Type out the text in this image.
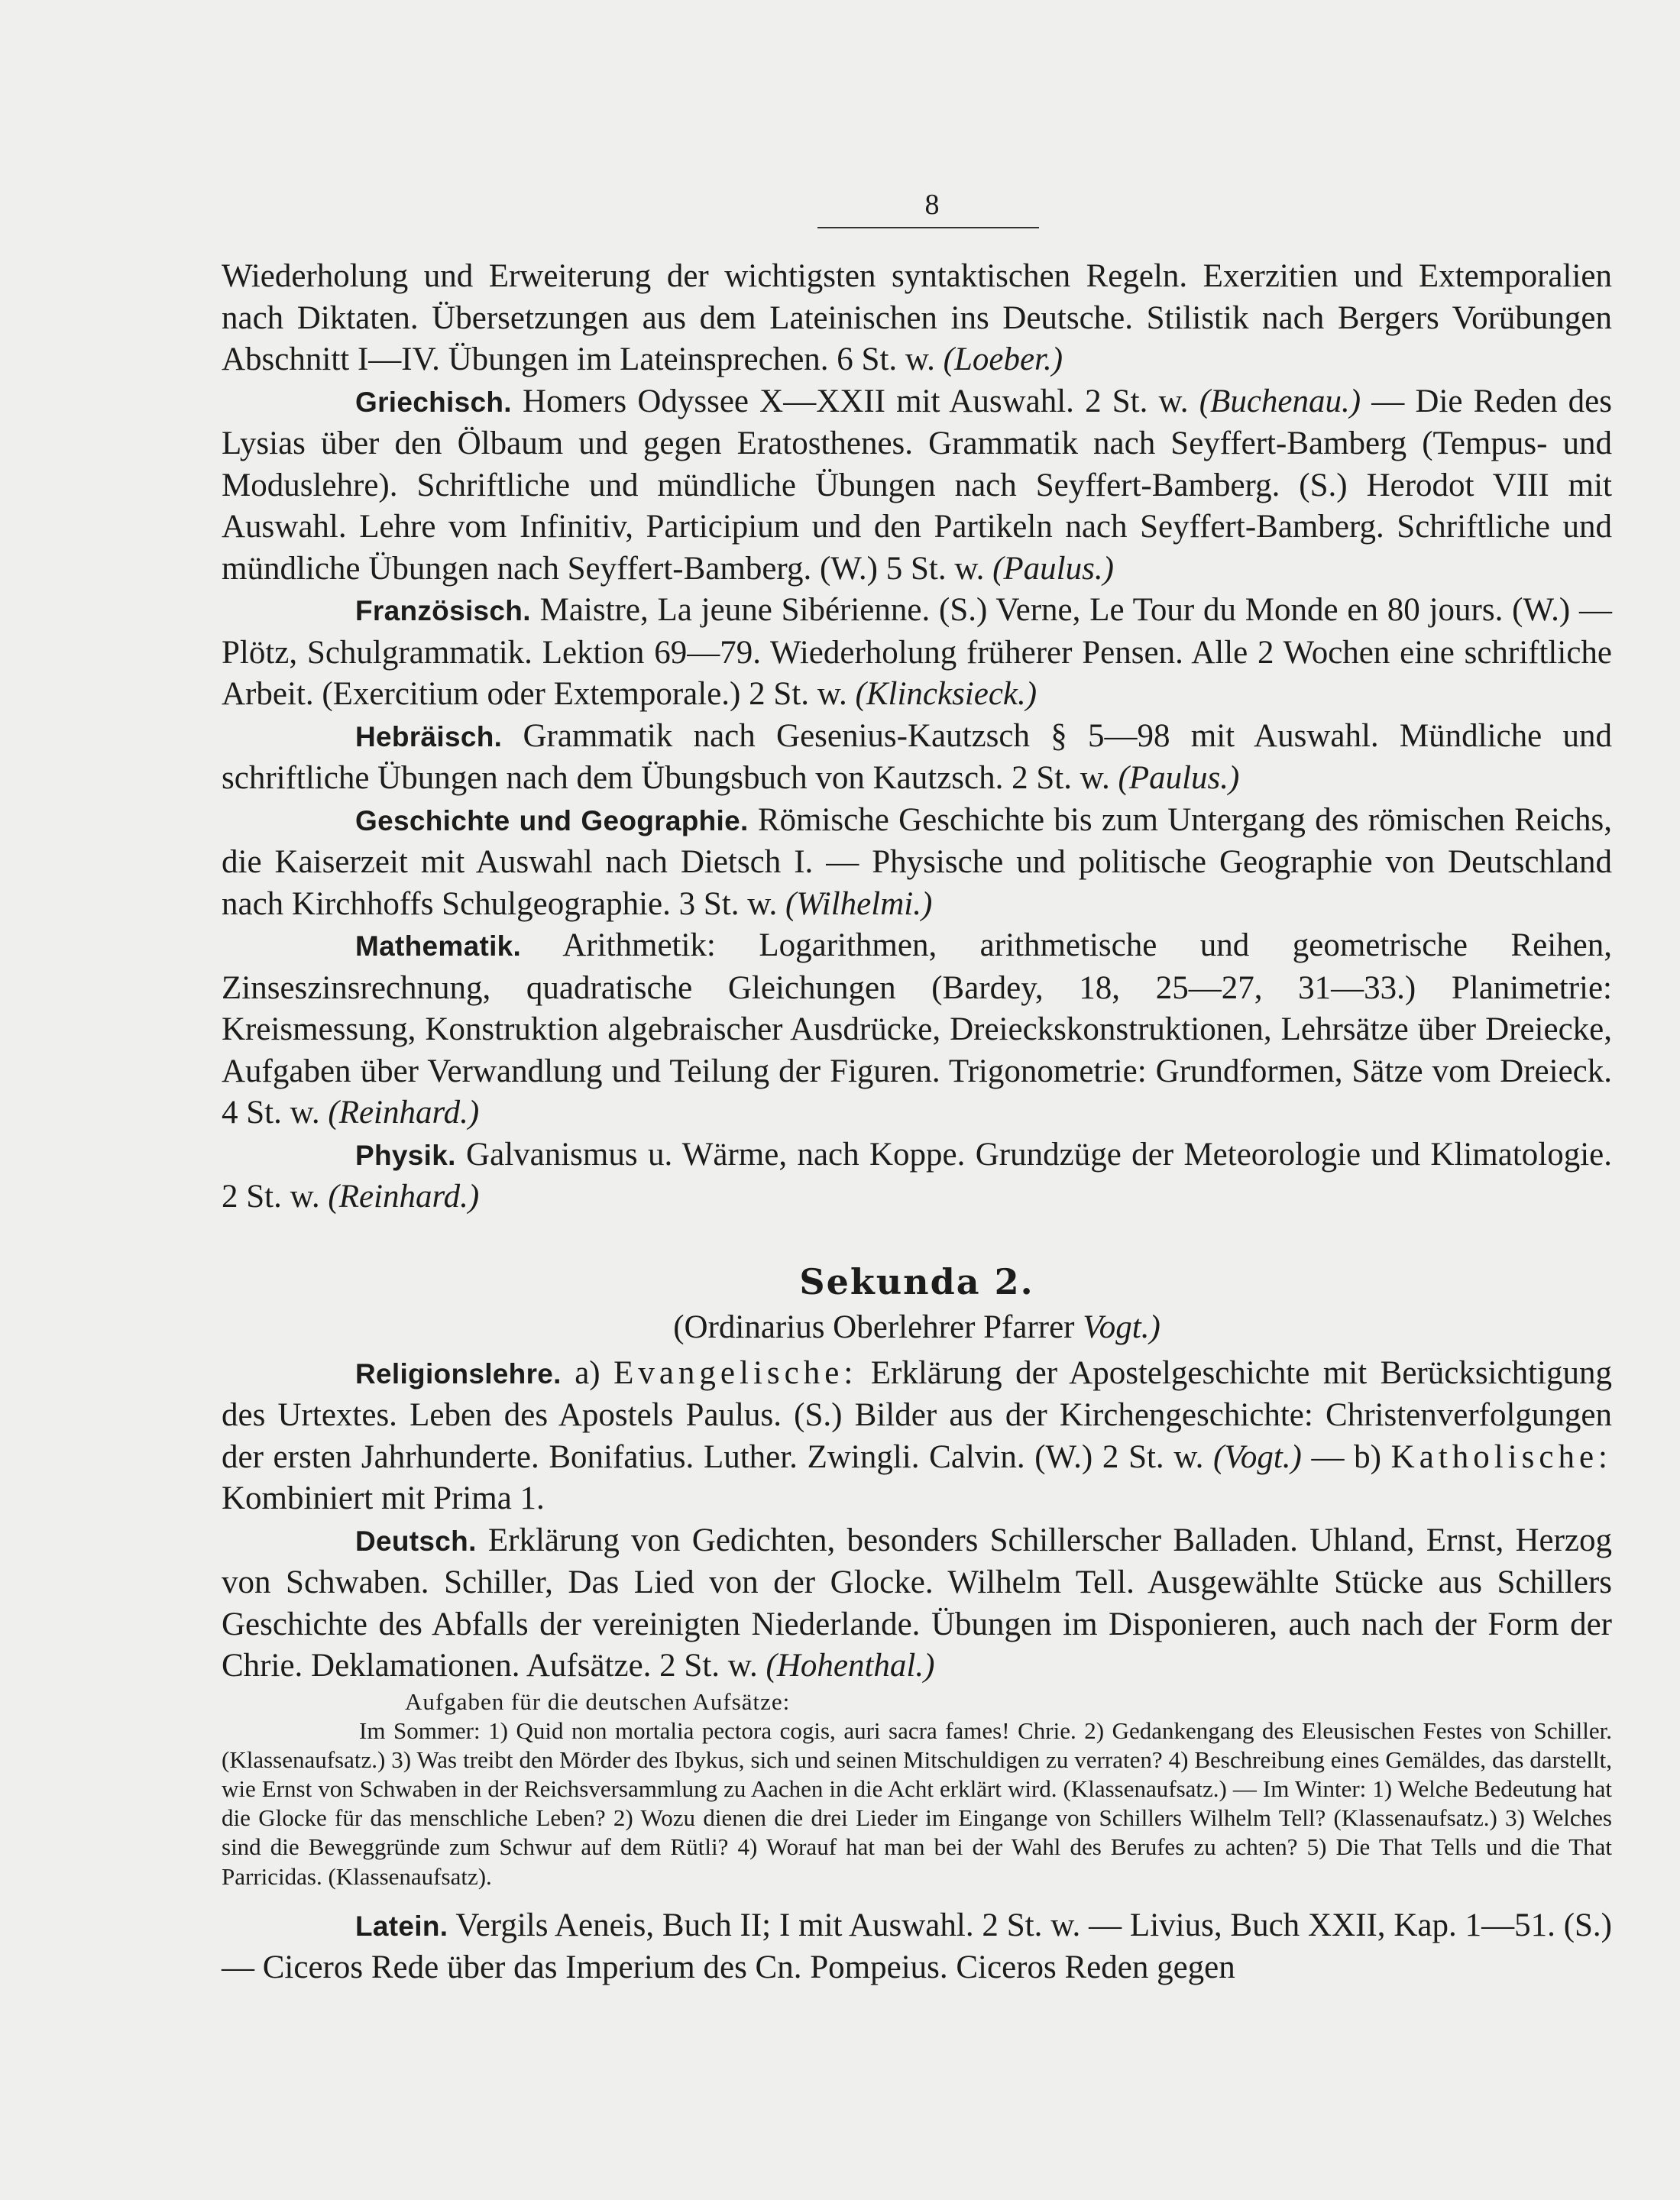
8

Wiederholung und Erweiterung der wichtigsten syntaktischen Regeln. Exerzitien und Extemporalien nach Diktaten. Übersetzungen aus dem Lateinischen ins Deutsche. Stilistik nach Bergers Vorübungen Abschnitt I—IV. Übungen im Lateinsprechen. 6 St. w. (Loeber.)

Griechisch. Homers Odyssee X—XXII mit Auswahl. 2 St. w. (Buchenau.) — Die Reden des Lysias über den Ölbaum und gegen Eratosthenes. Grammatik nach Seyffert-Bamberg (Tempus- und Moduslehre). Schriftliche und mündliche Übungen nach Seyffert-Bamberg. (S.) Herodot VIII mit Auswahl. Lehre vom Infinitiv, Participium und den Partikeln nach Seyffert-Bamberg. Schriftliche und mündliche Übungen nach Seyffert-Bamberg. (W.) 5 St. w. (Paulus.)

Französisch. Maistre, La jeune Sibérienne. (S.) Verne, Le Tour du Monde en 80 jours. (W.) — Plötz, Schulgrammatik. Lektion 69—79. Wiederholung früherer Pensen. Alle 2 Wochen eine schriftliche Arbeit. (Exercitium oder Extemporale.) 2 St. w. (Klincksieck.)

Hebräisch. Grammatik nach Gesenius-Kautzsch § 5—98 mit Auswahl. Mündliche und schriftliche Übungen nach dem Übungsbuch von Kautzsch. 2 St. w. (Paulus.)

Geschichte und Geographie. Römische Geschichte bis zum Untergang des römischen Reichs, die Kaiserzeit mit Auswahl nach Dietsch I. — Physische und politische Geographie von Deutschland nach Kirchhoffs Schulgeographie. 3 St. w. (Wilhelmi.)

Mathematik. Arithmetik: Logarithmen, arithmetische und geometrische Reihen, Zinseszinsrechnung, quadratische Gleichungen (Bardey, 18, 25—27, 31—33.) Planimetrie: Kreismessung, Konstruktion algebraischer Ausdrücke, Dreieckskonstruktionen, Lehrsätze über Dreiecke, Aufgaben über Verwandlung und Teilung der Figuren. Trigonometrie: Grundformen, Sätze vom Dreieck. 4 St. w. (Reinhard.)

Physik. Galvanismus u. Wärme, nach Koppe. Grundzüge der Meteorologie und Klimatologie. 2 St. w. (Reinhard.)

Sekunda 2.
(Ordinarius Oberlehrer Pfarrer Vogt.)

Religionslehre. a) Evangelische: Erklärung der Apostelgeschichte mit Berücksichtigung des Urtextes. Leben des Apostels Paulus. (S.) Bilder aus der Kirchengeschichte: Christenverfolgungen der ersten Jahrhunderte. Bonifatius. Luther. Zwingli. Calvin. (W.) 2 St. w. (Vogt.) — b) Katholische: Kombiniert mit Prima 1.

Deutsch. Erklärung von Gedichten, besonders Schillerscher Balladen. Uhland, Ernst, Herzog von Schwaben. Schiller, Das Lied von der Glocke. Wilhelm Tell. Ausgewählte Stücke aus Schillers Geschichte des Abfalls der vereinigten Niederlande. Übungen im Disponieren, auch nach der Form der Chrie. Deklamationen. Aufsätze. 2 St. w. (Hohenthal.)

Aufgaben für die deutschen Aufsätze:

Im Sommer: 1) Quid non mortalia pectora cogis, auri sacra fames! Chrie. 2) Gedankengang des Eleusischen Festes von Schiller. (Klassenaufsatz.) 3) Was treibt den Mörder des Ibykus, sich und seinen Mitschuldigen zu verraten? 4) Beschreibung eines Gemäldes, das darstellt, wie Ernst von Schwaben in der Reichsversammlung zu Aachen in die Acht erklärt wird. (Klassenaufsatz.) — Im Winter: 1) Welche Bedeutung hat die Glocke für das menschliche Leben? 2) Wozu dienen die drei Lieder im Eingange von Schillers Wilhelm Tell? (Klassenaufsatz.) 3) Welches sind die Beweggründe zum Schwur auf dem Rütli? 4) Worauf hat man bei der Wahl des Berufes zu achten? 5) Die That Tells und die That Parricidas. (Klassenaufsatz).

Latein. Vergils Aeneis, Buch II; I mit Auswahl. 2 St. w. — Livius, Buch XXII, Kap. 1—51. (S.) — Ciceros Rede über das Imperium des Cn. Pompeius. Ciceros Reden gegen
